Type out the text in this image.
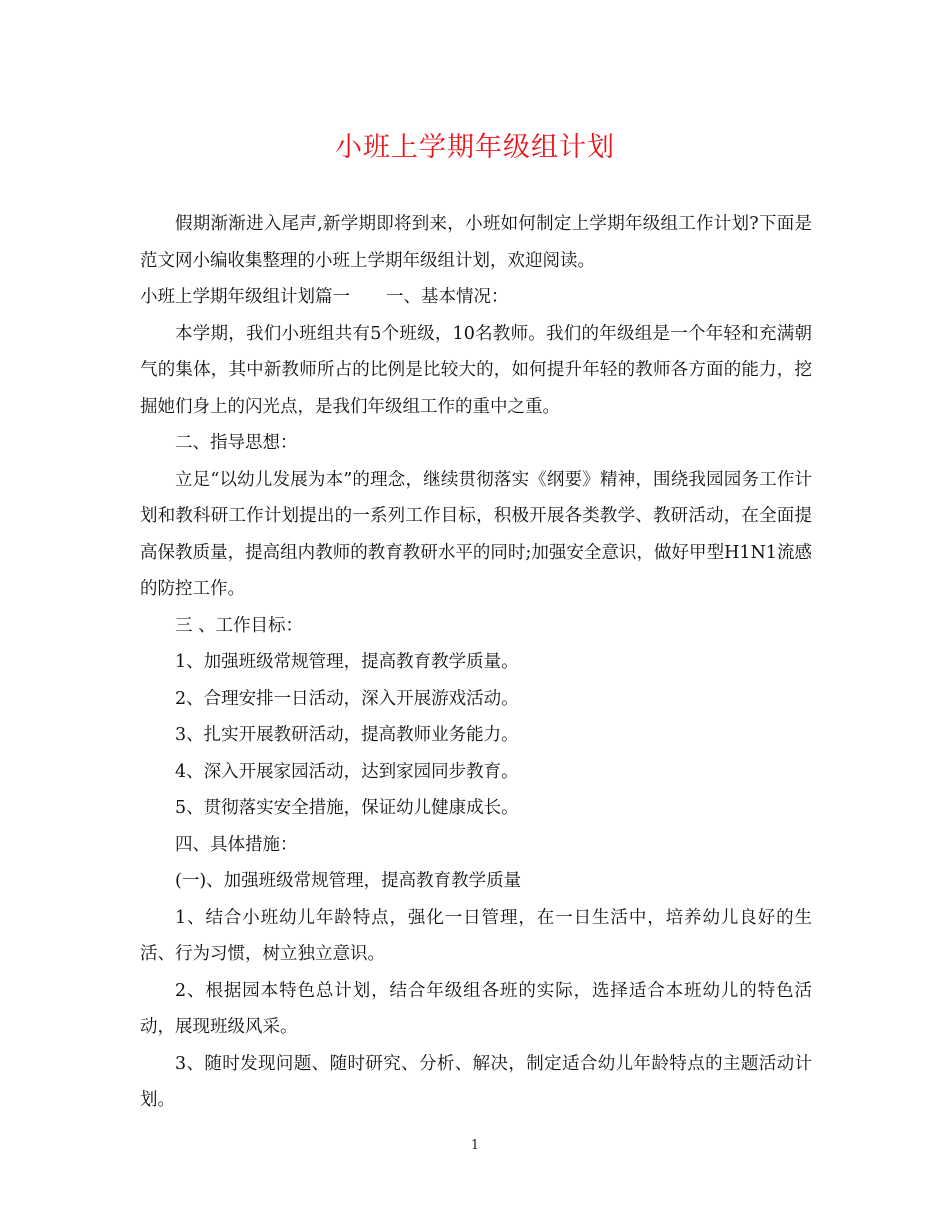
小班上学期年级组计划

假期渐渐进入尾声,新学期即将到来，小班如何制定上学期年级组工作计划?下面是范文网小编收集整理的小班上学期年级组计划，欢迎阅读。

小班上学期年级组计划篇一 一、基本情况：

本学期，我们小班组共有5个班级，10名教师。我们的年级组是一个年轻和充满朝气的集体，其中新教师所占的比例是比较大的，如何提升年轻的教师各方面的能力，挖掘她们身上的闪光点，是我们年级组工作的重中之重。

二、指导思想：

立足“以幼儿发展为本”的理念，继续贯彻落实《纲要》精神，围绕我园园务工作计划和教科研工作计划提出的一系列工作目标，积极开展各类教学、教研活动，在全面提高保教质量，提高组内教师的教育教研水平的同时;加强安全意识，做好甲型H1N1流感的防控工作。

三 、工作目标：

1、加强班级常规管理，提高教育教学质量。

2、合理安排一日活动，深入开展游戏活动。

3、扎实开展教研活动，提高教师业务能力。

4、深入开展家园活动，达到家园同步教育。

5、贯彻落实安全措施，保证幼儿健康成长。

四、具体措施：

(一)、加强班级常规管理，提高教育教学质量

1、结合小班幼儿年龄特点，强化一日管理，在一日生活中，培养幼儿良好的生活、行为习惯，树立独立意识。

2、根据园本特色总计划，结合年级组各班的实际，选择适合本班幼儿的特色活动，展现班级风采。

3、随时发现问题、随时研究、分析、解决，制定适合幼儿年龄特点的主题活动计划。

1
